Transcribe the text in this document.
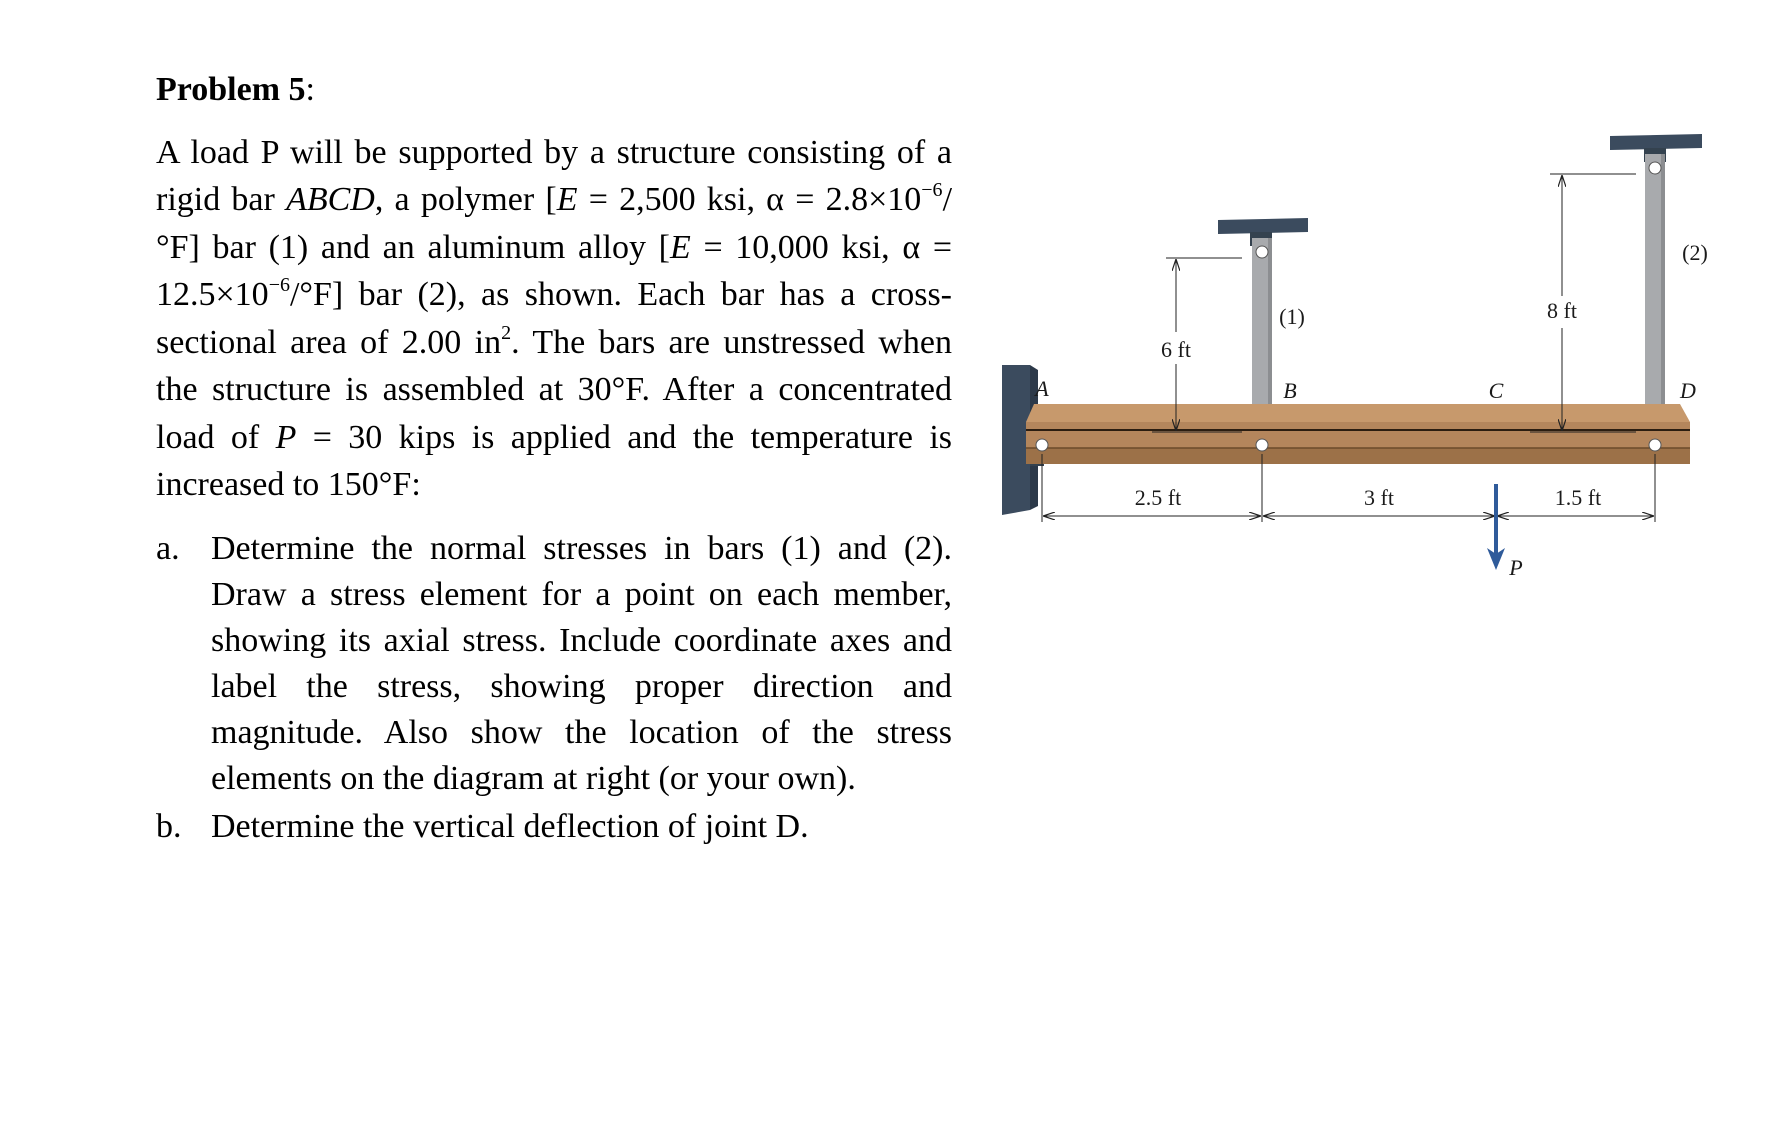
Problem 5:

A load P will be supported by a structure consisting of a rigid bar ABCD, a polymer [E = 2,500 ksi, $\alpha = 2.8\times 10^{-6}/^\circ F$] bar (1) and an aluminum alloy [E = 10,000 ksi, $\alpha = 12.5\times 10^{-6}/^\circ F$] bar (2), as shown. Each bar has a cross-sectional area of 2.00 $in^2$. The bars are unstressed when the structure is assembled at 30°F. After a concentrated load of P = 30 kips is applied and the temperature is increased to 150°F:

a. Determine the normal stresses in bars (1) and (2). Draw a stress element for a point on each member, showing its axial stress. Include coordinate axes and label the stress, showing proper direction and magnitude. Also show the location of the stress elements on the diagram at right (or your own).
b. Determine the vertical deflection of joint D.
A	B	C	D
(1)
(2)
6 ft
8 ft
2.5 ft	3 ft	1.5 ft
P
